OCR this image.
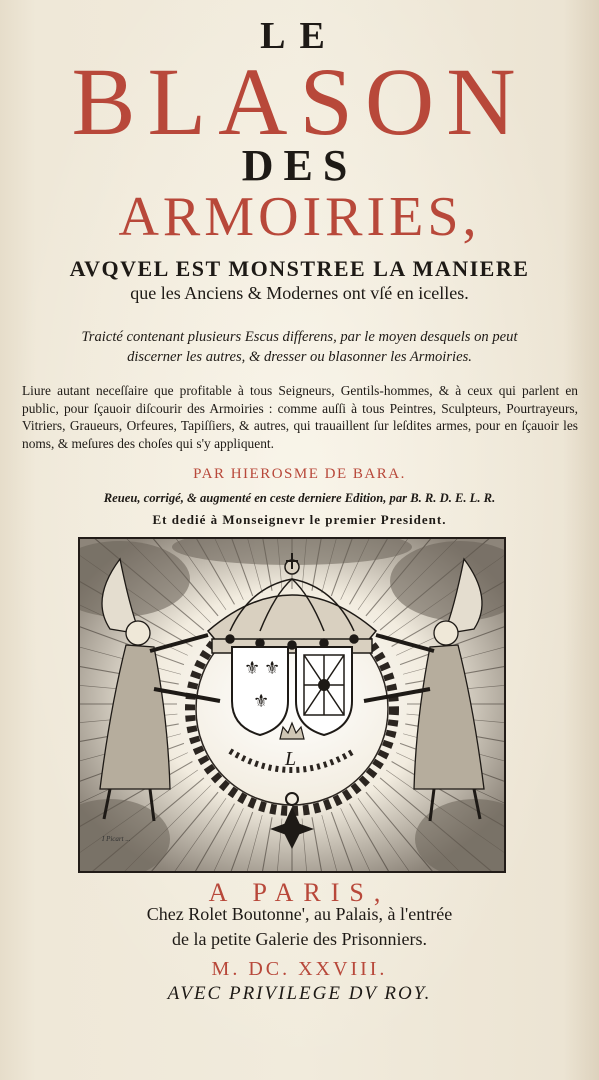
LE
BLASON
DES
ARMOIRIES,
AVQVEL EST MONSTREE LA MANIERE
que les Anciens & Modernes ont vſé en icelles.
Traicté contenant plusieurs Escus differens, par le moyen desquels on peut
discerner les autres, & dresser ou blasonner les Armoiries.
Liure autant neceſſaire que profitable à tous Seigneurs, Gentils-hommes, & à ceux qui parlent en public, pour ſçauoir diſcourir des Armoiries : comme auſſi à tous Peintres, Sculpteurs, Pourtrayeurs, Vitriers, Graueurs, Orfeures, Tapiſſiers, & autres, qui trauaillent ſur leſdites armes, pour en ſçauoir les noms, & meſures des choſes qui s'y appliquent.
PAR HIEROSME DE BARA.
Reueu, corrigé, & augmenté en ceste derniere Edition, par B. R. D. E. L. R.
Et dedié à Monseignevr le premier President.
⚜ ⚜
⚜
L
I Picart ...
A PARIS,
Chez Rolet Boutonne', au Palais, à l'entrée
de la petite Galerie des Prisonniers.
M. DC. XXVIII.
AVEC PRIVILEGE DV ROY.
